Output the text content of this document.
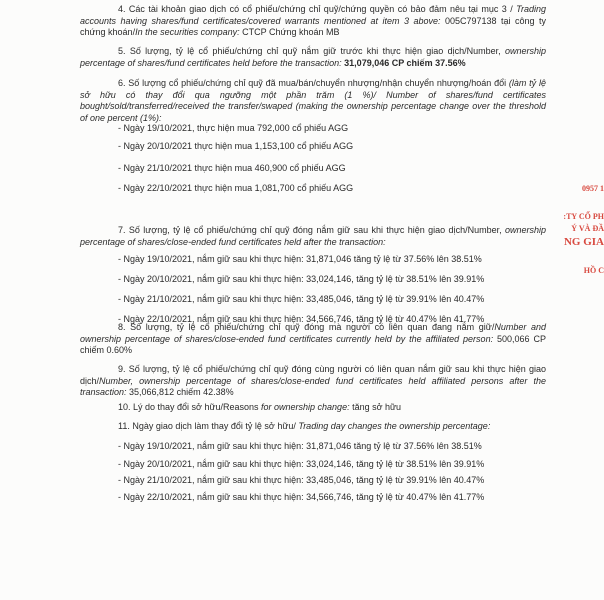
4. Các tài khoản giao dịch có cổ phiếu/chứng chỉ quỹ/chứng quyền có bảo đảm nêu tại mục 3 / Trading accounts having shares/fund certificates/covered warrants mentioned at item 3 above: 005C797138 tại công ty chứng khoán/In the securities company: CTCP Chứng khoán MB
5. Số lượng, tỷ lệ cổ phiếu/chứng chỉ quỹ nắm giữ trước khi thực hiện giao dịch/Number, ownership percentage of shares/fund certificates held before the transaction: 31,079,046 CP chiếm 37.56%
6. Số lượng cổ phiếu/chứng chỉ quỹ đã mua/bán/chuyển nhượng/nhận chuyển nhượng/hoán đổi (làm tỷ lệ sở hữu có thay đổi qua ngưỡng một phần trăm (1 %)/ Number of shares/fund certificates bought/sold/transferred/received the transfer/swaped (making the ownership percentage change over the threshold of one percent (1%):
- Ngày 19/10/2021, thực hiện mua 792,000 cổ phiếu AGG
- Ngày 20/10/2021 thực hiện mua 1,153,100 cổ phiếu AGG
- Ngày 21/10/2021 thực hiện mua 460,900 cổ phiếu AGG
- Ngày 22/10/2021 thực hiện mua 1,081,700 cổ phiếu AGG
7. Số lượng, tỷ lệ cổ phiếu/chứng chỉ quỹ đóng nắm giữ sau khi thực hiện giao dịch/Number, ownership percentage of shares/close-ended fund certificates held after the transaction:
- Ngày 19/10/2021, nắm giữ sau khi thực hiện: 31,871,046 tăng tỷ lệ từ 37.56% lên 38.51%
- Ngày 20/10/2021, nắm giữ sau khi thực hiện: 33,024,146, tăng tỷ lệ từ 38.51% lên 39.91%
- Ngày 21/10/2021, nắm giữ sau khi thực hiện: 33,485,046, tăng tỷ lệ từ 39.91% lên 40.47%
- Ngày 22/10/2021, nắm giữ sau khi thực hiện: 34,566,746, tăng tỷ lệ từ 40.47% lên 41.77%
8. Số lượng, tỷ lệ cổ phiếu/chứng chỉ quỹ đóng mà người có liên quan đang nắm giữ/Number and ownership percentage of shares/close-ended fund certificates currently held by the affiliated person: 500,066 CP chiếm 0.60%
9. Số lượng, tỷ lệ cổ phiếu/chứng chỉ quỹ đóng cùng người có liên quan nắm giữ sau khi thực hiện giao dịch/Number, ownership percentage of shares/close-ended fund certificates held affiliated persons after the transaction: 35,066,812 chiếm 42.38%
10. Lý do thay đổi sở hữu/Reasons for ownership change: tăng sở hữu
11. Ngày giao dịch làm thay đổi tỷ lệ sở hữu/ Trading day changes the ownership percentage:
- Ngày 19/10/2021, nắm giữ sau khi thực hiện: 31,871,046 tăng tỷ lệ từ 37.56% lên 38.51%
- Ngày 20/10/2021, nắm giữ sau khi thực hiện: 33,024,146, tăng tỷ lệ từ 38.51% lên 39.91%
- Ngày 21/10/2021, nắm giữ sau khi thực hiện: 33,485,046, tăng tỷ lệ từ 39.91% lên 40.47%
- Ngày 22/10/2021, nắm giữ sau khi thực hiện: 34,566,746, tăng tỷ lệ từ 40.47% lên 41.77%
0957 1
:TY CỔ PH
Ý VÀ ĐẦ
NG GIA
HỒ C
